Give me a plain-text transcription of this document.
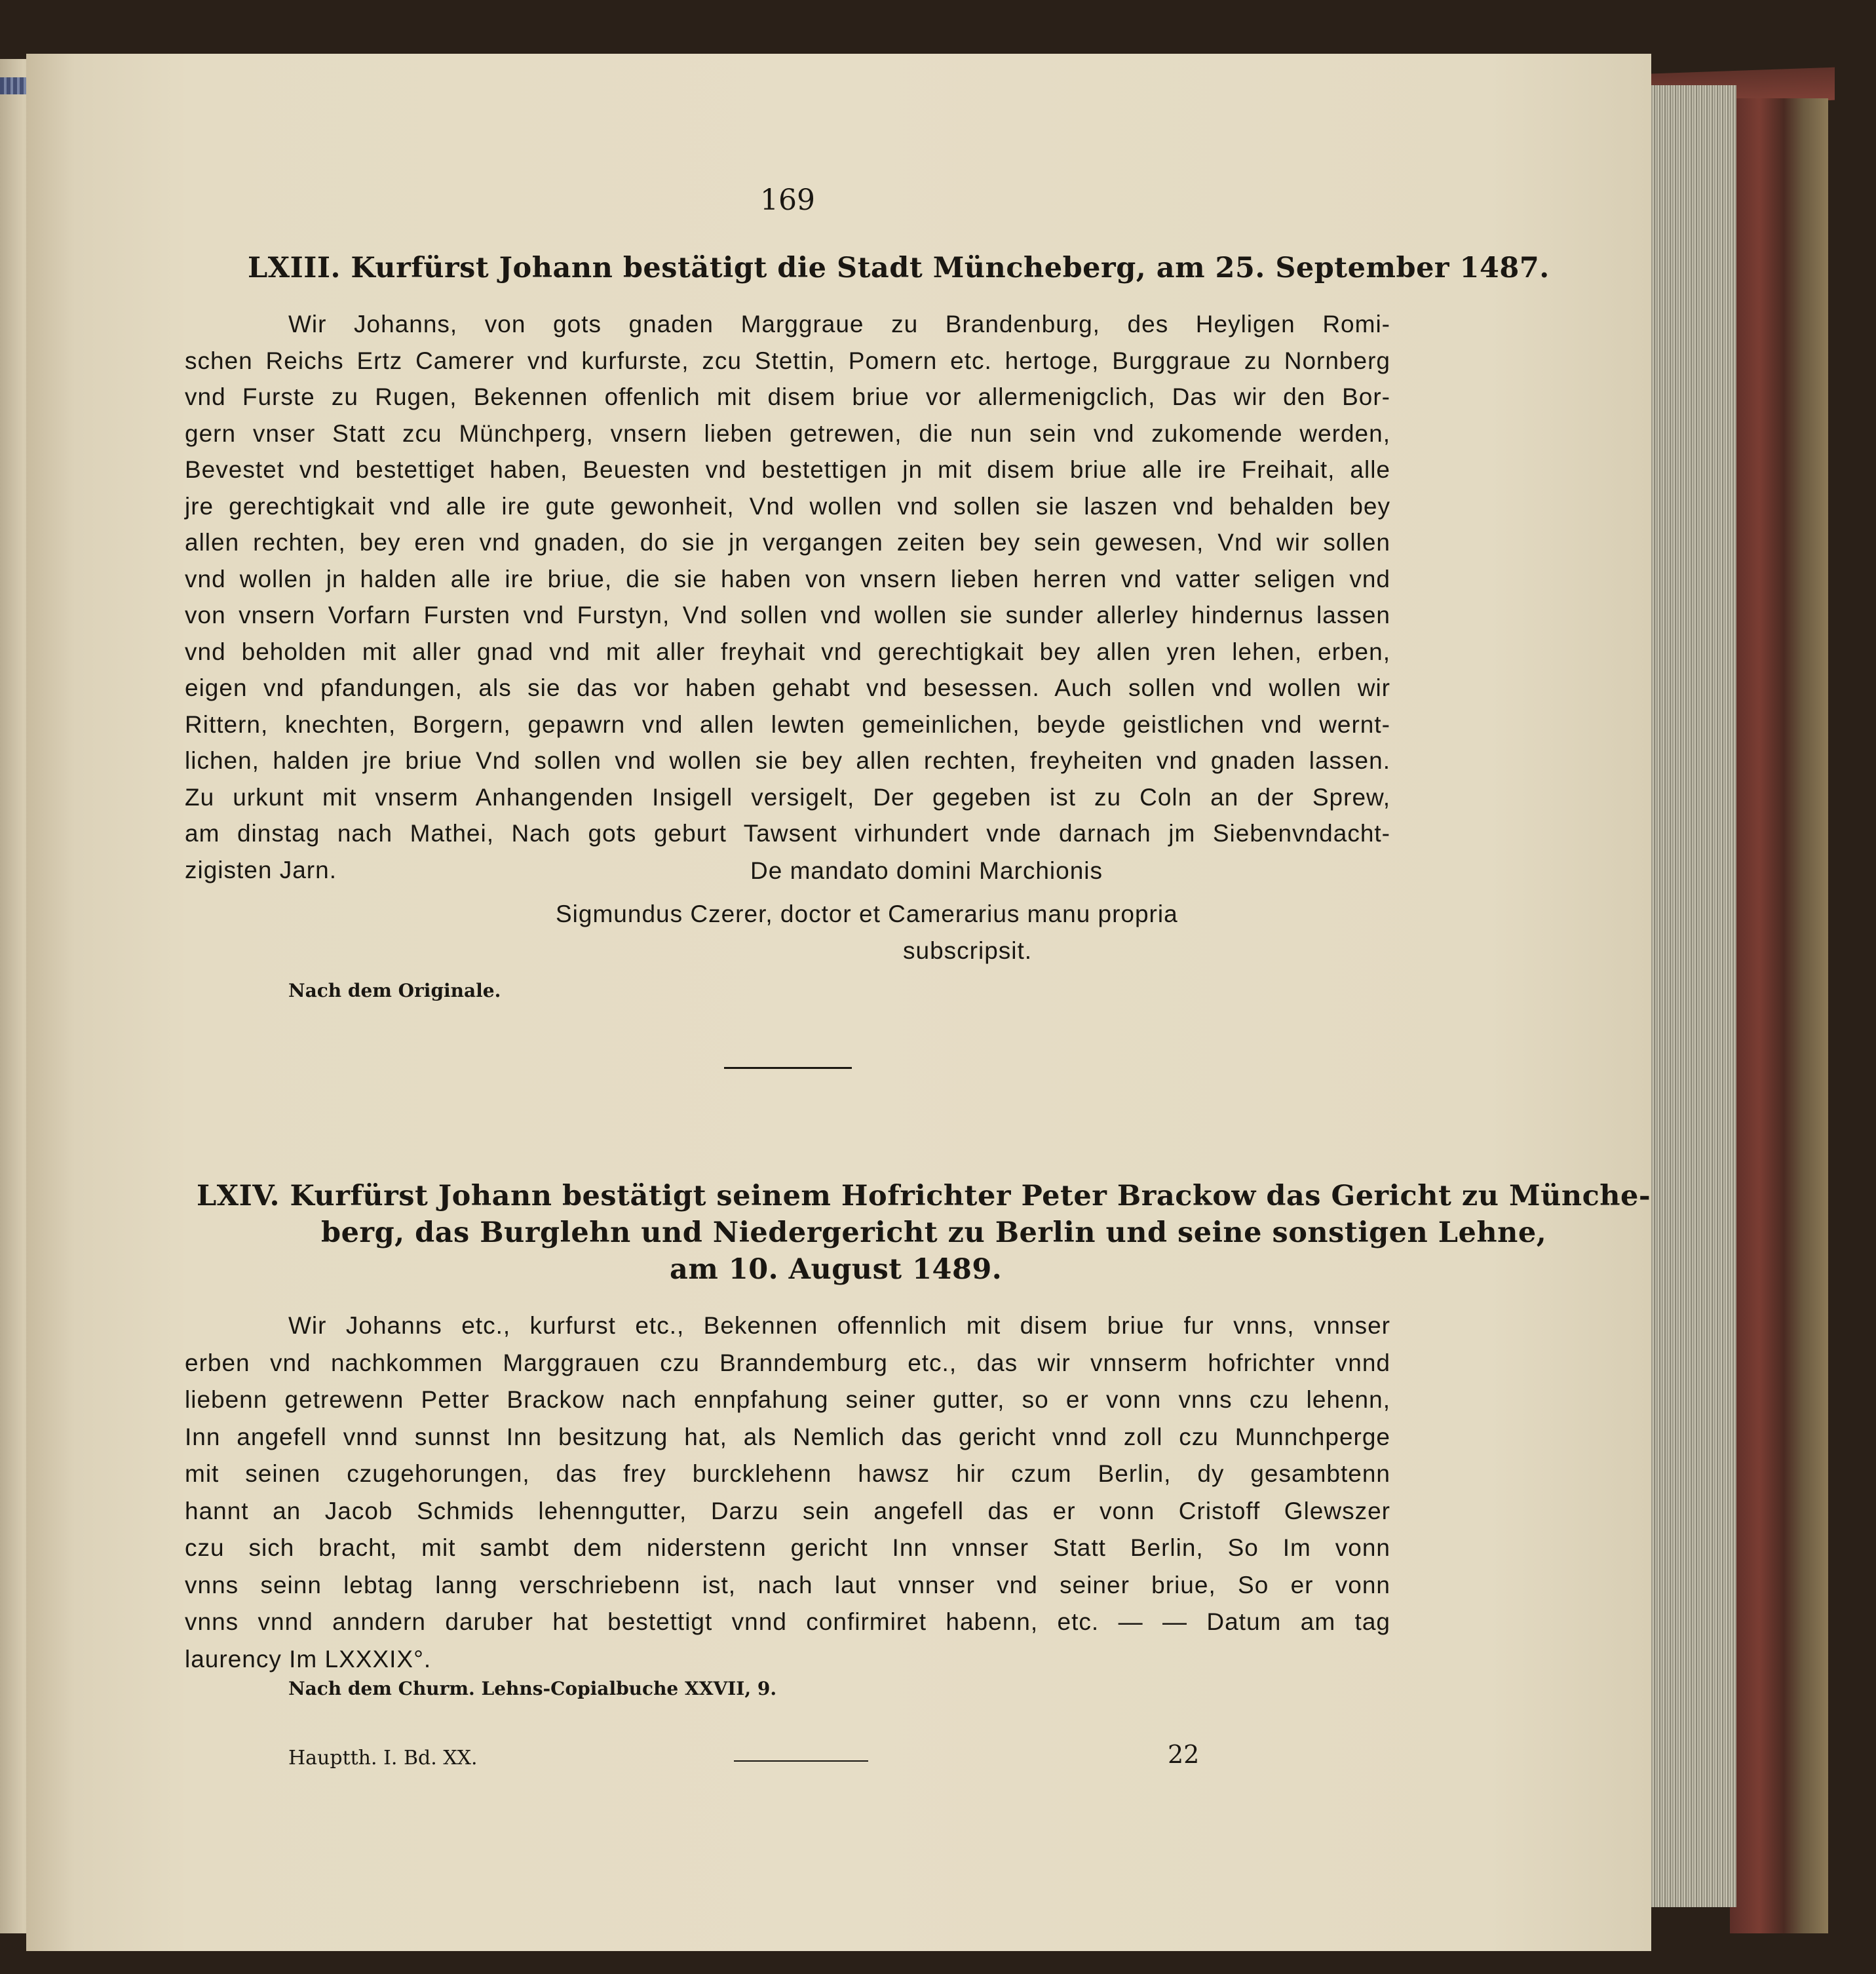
169
LXIII. Kurfürst Johann bestätigt die Stadt Müncheberg, am 25. September 1487.
Wir Johanns, von gots gnaden Marggraue zu Brandenburg, des Heyligen Romi-
schen Reichs Ertz Camerer vnd kurfurste, zcu Stettin, Pomern etc. hertoge, Burggraue zu Nornberg
vnd Furste zu Rugen, Bekennen offenlich mit disem briue vor allermenigclich, Das wir den Bor-
gern vnser Statt zcu Münchperg, vnsern lieben getrewen, die nun sein vnd zukomende werden,
Bevestet vnd bestettiget haben, Beuesten vnd bestettigen jn mit disem briue alle ire Freihait, alle
jre gerechtigkait vnd alle ire gute gewonheit, Vnd wollen vnd sollen sie laszen vnd behalden bey
allen rechten, bey eren vnd gnaden, do sie jn vergangen zeiten bey sein gewesen, Vnd wir sollen
vnd wollen jn halden alle ire briue, die sie haben von vnsern lieben herren vnd vatter seligen vnd
von vnsern Vorfarn Fursten vnd Furstyn, Vnd sollen vnd wollen sie sunder allerley hindernus lassen
vnd beholden mit aller gnad vnd mit aller freyhait vnd gerechtigkait bey allen yren lehen, erben,
eigen vnd pfandungen, als sie das vor haben gehabt vnd besessen. Auch sollen vnd wollen wir
Rittern, knechten, Borgern, gepawrn vnd allen lewten gemeinlichen, beyde geistlichen vnd wernt-
lichen, halden jre briue Vnd sollen vnd wollen sie bey allen rechten, freyheiten vnd gnaden lassen.
Zu urkunt mit vnserm Anhangenden Insigell versigelt, Der gegeben ist zu Coln an der Sprew,
am dinstag nach Mathei, Nach gots geburt Tawsent virhundert vnde darnach jm Siebenvndacht-
zigisten Jarn.	De mandato domini Marchionis
Sigmundus Czerer, doctor et Camerarius manu propria
subscripsit.
Nach dem Originale.
LXIV. Kurfürst Johann bestätigt seinem Hofrichter Peter Brackow das Gericht zu Münche-
berg, das Burglehn und Niedergericht zu Berlin und seine sonstigen Lehne,
am 10. August 1489.
Wir Johanns etc., kurfurst etc., Bekennen offennlich mit disem briue fur vnns, vnnser
erben vnd nachkommen Marggrauen czu Branndemburg etc., das wir vnnserm hofrichter vnnd
liebenn getrewenn Petter Brackow nach ennpfahung seiner gutter, so er vonn vnns czu lehenn,
Inn angefell vnnd sunnst Inn besitzung hat, als Nemlich das gericht vnnd zoll czu Munnchperge
mit seinen czugehorungen, das frey burcklehenn hawsz hir czum Berlin, dy gesambtenn
hannt an Jacob Schmids lehenngutter, Darzu sein angefell das er vonn Cristoff Glewszer
czu sich bracht, mit sambt dem niderstenn gericht Inn vnnser Statt Berlin, So Im vonn
vnns seinn lebtag lanng verschriebenn ist, nach laut vnnser vnd seiner briue, So er vonn
vnns vnnd anndern daruber hat bestettigt vnnd confirmiret habenn, etc. — — Datum am tag
laurency Im LXXXIX°.
Nach dem Churm. Lehns-Copialbuche XXVII, 9.
Hauptth. I. Bd. XX.	22
